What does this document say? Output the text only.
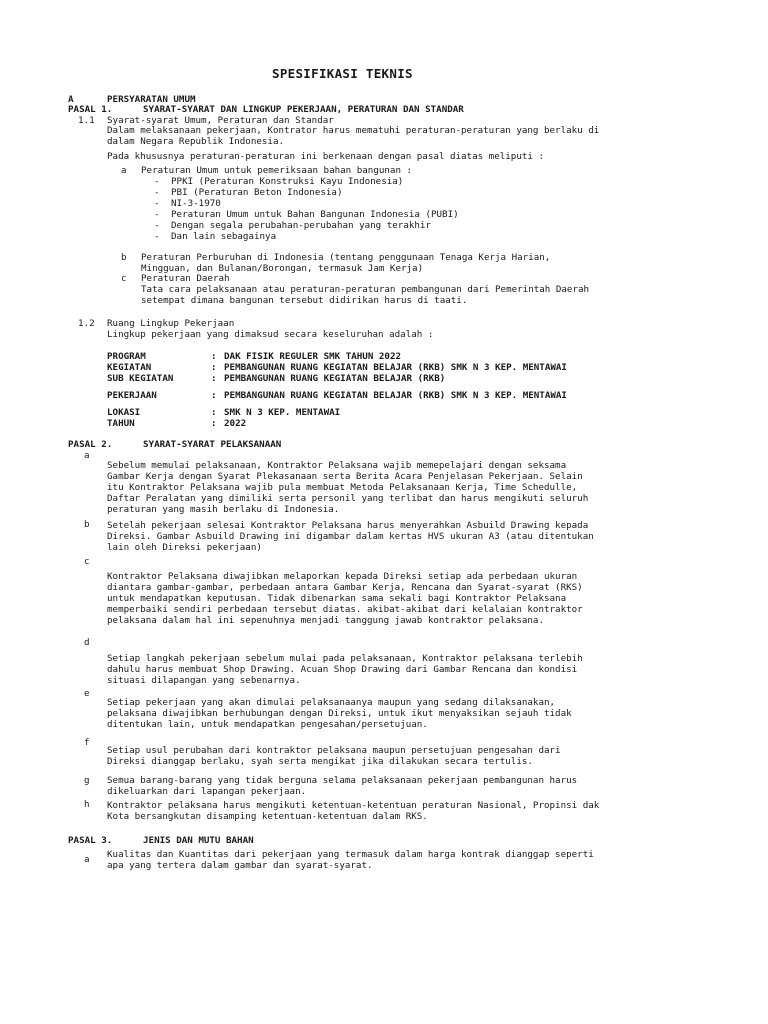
SPESIFIKASI TEKNIS
A	PERSYARATAN UMUM
PASAL 1.	SYARAT-SYARAT DAN LINGKUP PEKERJAAN, PERATURAN DAN STANDAR
1.1 Syarat-syarat Umum, Peraturan dan Standar
Dalam melaksanaan pekerjaan, Kontrator harus mematuhi peraturan-peraturan yang berlaku di
dalam Negara Republik Indonesia.
Pada khususnya peraturan-peraturan ini berkenaan dengan pasal diatas meliputi :
a Peraturan Umum untuk pemeriksaan bahan bangunan :
- PPKI (Peraturan Konstruksi Kayu Indonesia)
- PBI (Peraturan Beton Indonesia)
- NI-3-1970
- Peraturan Umum untuk Bahan Bangunan Indonesia (PUBI)
- Dengan segala perubahan-perubahan yang terakhir
- Dan lain sebagainya
b Peraturan Perburuhan di Indonesia (tentang penggunaan Tenaga Kerja Harian,
Mingguan, dan Bulanan/Borongan, termasuk Jam Kerja)
c Peraturan Daerah
Tata cara pelaksanaan atau peraturan-peraturan pembangunan dari Pemerintah Daerah
setempat dimana bangunan tersebut didirikan harus di taati.
1.2 Ruang Lingkup Pekerjaan
Lingkup pekerjaan yang dimaksud secara keseluruhan adalah :
PROGRAM	: DAK FISIK REGULER SMK TAHUN 2022
KEGIATAN	: PEMBANGUNAN RUANG KEGIATAN BELAJAR (RKB) SMK N 3 KEP. MENTAWAI
SUB KEGIATAN	: PEMBANGUNAN RUANG KEGIATAN BELAJAR (RKB)
PEKERJAAN	: PEMBANGUNAN RUANG KEGIATAN BELAJAR (RKB) SMK N 3 KEP. MENTAWAI
LOKASI	: SMK N 3 KEP. MENTAWAI
TAHUN	: 2022
PASAL 2.	SYARAT-SYARAT PELAKSANAAN
a
Sebelum memulai pelaksanaan, Kontraktor Pelaksana wajib memepelajari dengan seksama
Gambar Kerja dengan Syarat Plekasanaan serta Berita Acara Penjelasan Pekerjaan. Selain
itu Kontraktor Pelaksana wajib pula membuat Metoda Pelaksanaan Kerja, Time Schedulle,
Daftar Peralatan yang dimiliki serta personil yang terlibat dan harus mengikuti seluruh
peraturan yang masih berlaku di Indonesia.
b Setelah pekerjaan selesai Kontraktor Pelaksana harus menyerahkan Asbuild Drawing kepada
Direksi. Gambar Asbuild Drawing ini digambar dalam kertas HVS ukuran A3 (atau ditentukan
lain oleh Direksi pekerjaan)
c
Kontraktor Pelaksana diwajibkan melaporkan kepada Direksi setiap ada perbedaan ukuran
diantara gambar-gambar, perbedaan antara Gambar Kerja, Rencana dan Syarat-syarat (RKS)
untuk mendapatkan keputusan. Tidak dibenarkan sama sekali bagi Kontraktor Pelaksana
memperbaiki sendiri perbedaan tersebut diatas. akibat-akibat dari kelalaian kontraktor
pelaksana dalam hal ini sepenuhnya menjadi tanggung jawab kontraktor pelaksana.
d
Setiap langkah pekerjaan sebelum mulai pada pelaksanaan, Kontraktor pelaksana terlebih
dahulu harus membuat Shop Drawing. Acuan Shop Drawing dari Gambar Rencana dan kondisi
situasi dilapangan yang sebenarnya.
e
Setiap pekerjaan yang akan dimulai pelaksanaanya maupun yang sedang dilaksanakan,
pelaksana diwajibkan berhubungan dengan Direksi, untuk ikut menyaksikan sejauh tidak
ditentukan lain, untuk mendapatkan pengesahan/persetujuan.
f
Setiap usul perubahan dari kontraktor pelaksana maupun persetujuan pengesahan dari
Direksi dianggap berlaku, syah serta mengikat jika dilakukan secara tertulis.
g Semua barang-barang yang tidak berguna selama pelaksanaan pekerjaan pembangunan harus
dikeluarkan dari lapangan pekerjaan.
h Kontraktor pelaksana harus mengikuti ketentuan-ketentuan peraturan Nasional, Propinsi dak
Kota bersangkutan disamping ketentuan-ketentuan dalam RKS.
PASAL 3.	JENIS DAN MUTU BAHAN
a Kualitas dan Kuantitas dari pekerjaan yang termasuk dalam harga kontrak dianggap seperti
apa yang tertera dalam gambar dan syarat-syarat.
